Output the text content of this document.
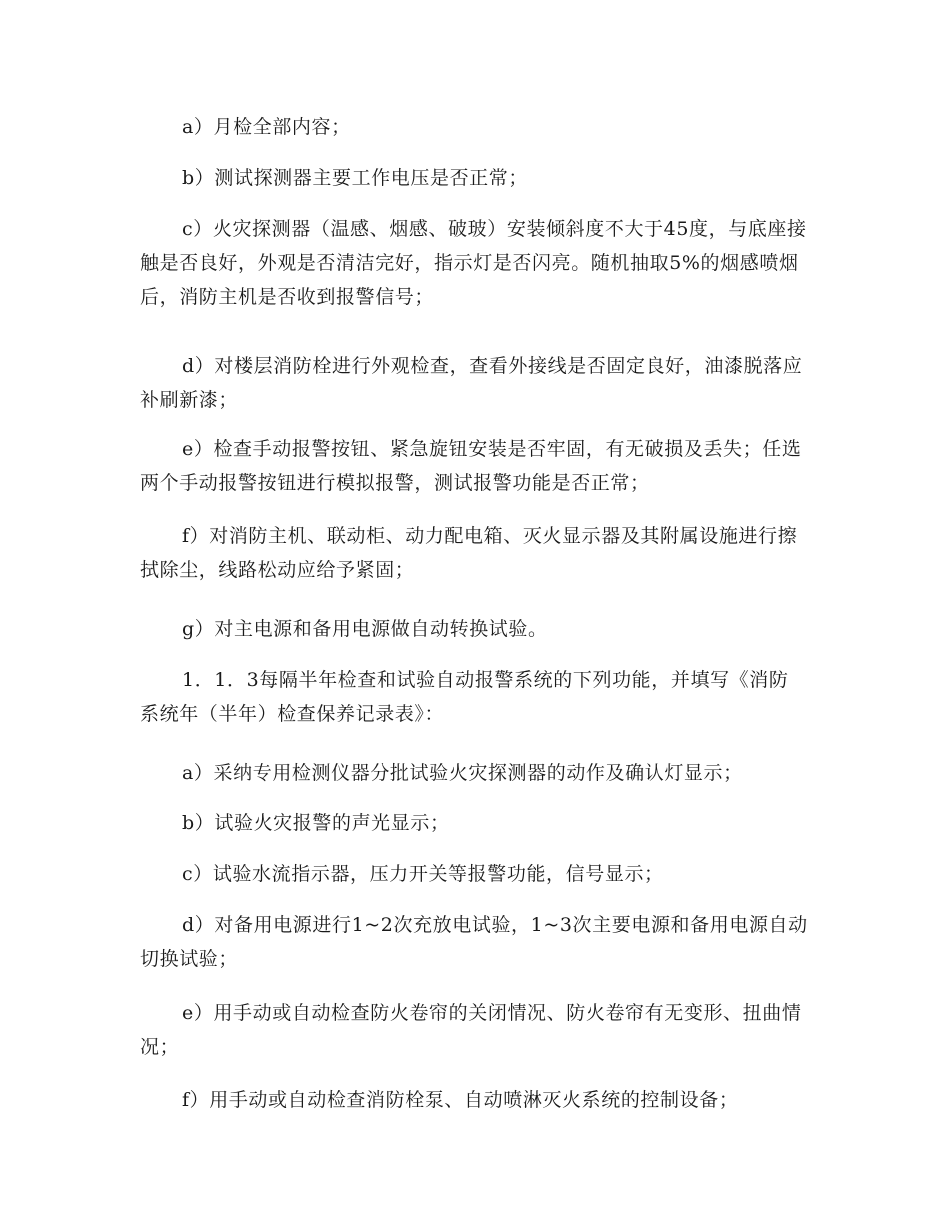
a）月检全部内容；

b）测试探测器主要工作电压是否正常；

c）火灾探测器（温感、烟感、破玻）安装倾斜度不大于45度，与底座接触是否良好，外观是否清洁完好，指示灯是否闪亮。随机抽取5%的烟感喷烟后，消防主机是否收到报警信号；

d）对楼层消防栓进行外观检查，查看外接线是否固定良好，油漆脱落应补刷新漆；

e）检查手动报警按钮、紧急旋钮安装是否牢固，有无破损及丢失；任选两个手动报警按钮进行模拟报警，测试报警功能是否正常；

f）对消防主机、联动柜、动力配电箱、灭火显示器及其附属设施进行擦拭除尘，线路松动应给予紧固；

g）对主电源和备用电源做自动转换试验。

1．1．3每隔半年检查和试验自动报警系统的下列功能，并填写《消防系统年（半年）检查保养记录表》：

a）采纳专用检测仪器分批试验火灾探测器的动作及确认灯显示；

b）试验火灾报警的声光显示；

c）试验水流指示器，压力开关等报警功能，信号显示；

d）对备用电源进行1~2次充放电试验，1~3次主要电源和备用电源自动切换试验；

e）用手动或自动检查防火卷帘的关闭情况、防火卷帘有无变形、扭曲情况；

f）用手动或自动检查消防栓泵、自动喷淋灭火系统的控制设备；
